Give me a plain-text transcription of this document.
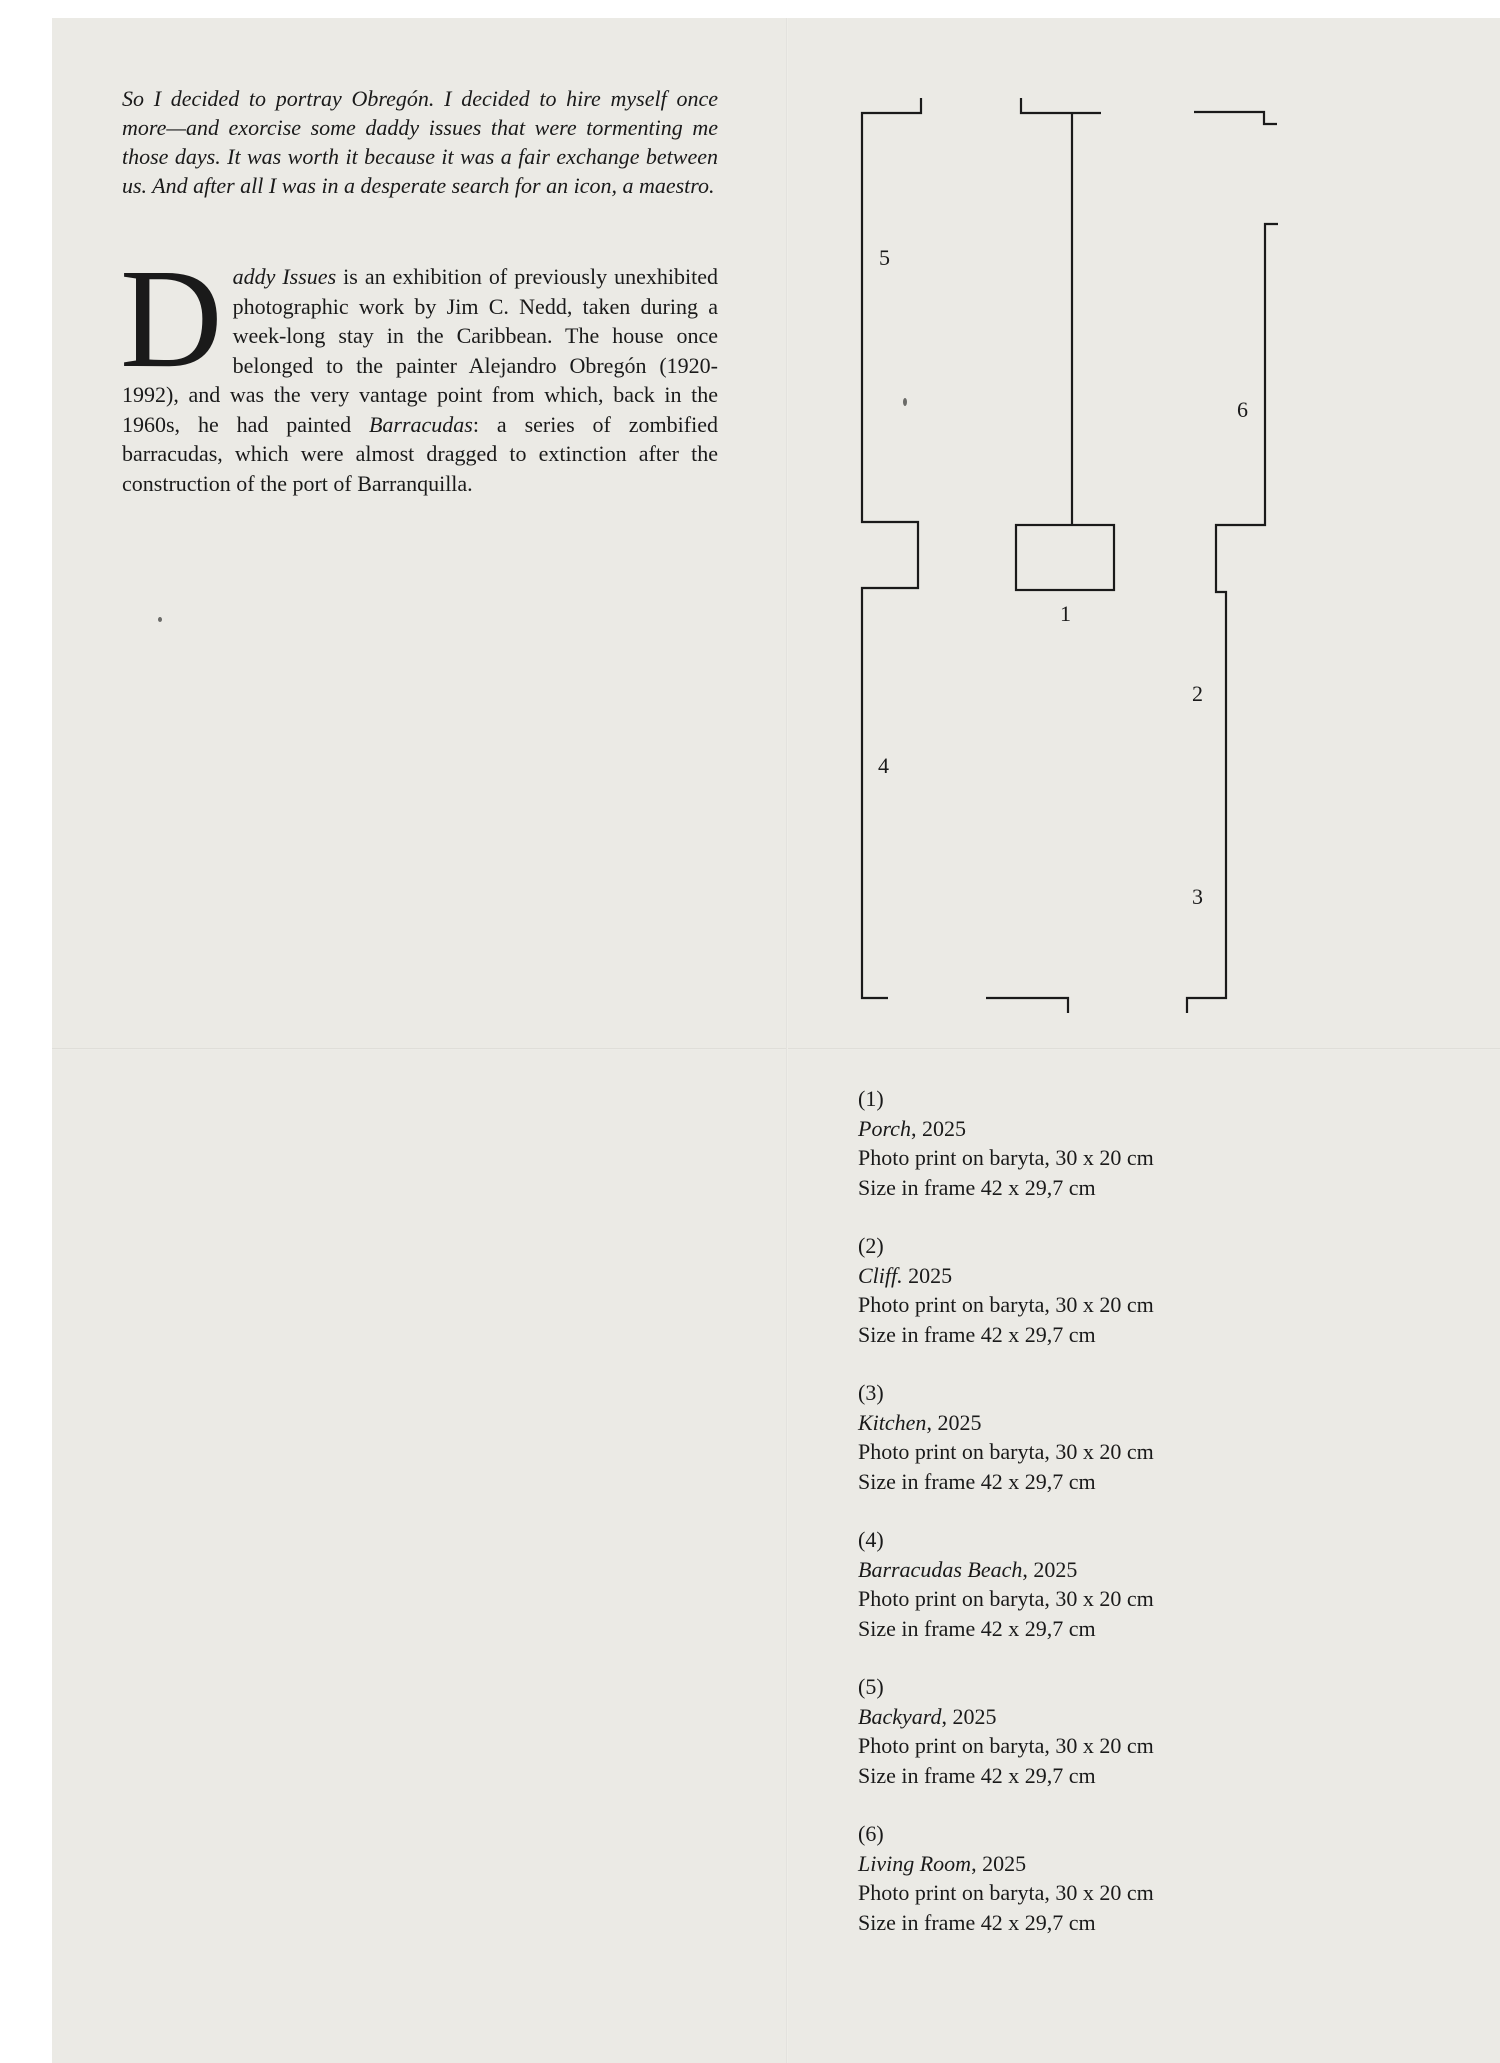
So I decided to portray Obregón. I decided to hire myself once more—and exorcise some daddy issues that were tormenting me those days. It was worth it because it was a fair exchange between us. And after all I was in a desperate search for an icon, a maestro.

Daddy Issues is an exhibition of previously unexhibited photographic work by Jim C. Nedd, taken during a week-long stay in the Caribbean. The house once belonged to the painter Alejandro Obregón (1920-1992), and was the very vantage point from which, back in the 1960s, he had painted Barracudas: a series of zombified barracudas, which were almost dragged to extinction after the construction of the port of Barranquilla.

5
6
1
2
4
3
(1)
Porch, 2025
Photo print on baryta, 30 x 20 cm
Size in frame 42 x 29,7 cm
(2)
Cliff. 2025
Photo print on baryta, 30 x 20 cm
Size in frame 42 x 29,7 cm
(3)
Kitchen, 2025
Photo print on baryta, 30 x 20 cm
Size in frame 42 x 29,7 cm
(4)
Barracudas Beach, 2025
Photo print on baryta, 30 x 20 cm
Size in frame 42 x 29,7 cm
(5)
Backyard, 2025
Photo print on baryta, 30 x 20 cm
Size in frame 42 x 29,7 cm
(6)
Living Room, 2025
Photo print on baryta, 30 x 20 cm
Size in frame 42 x 29,7 cm
